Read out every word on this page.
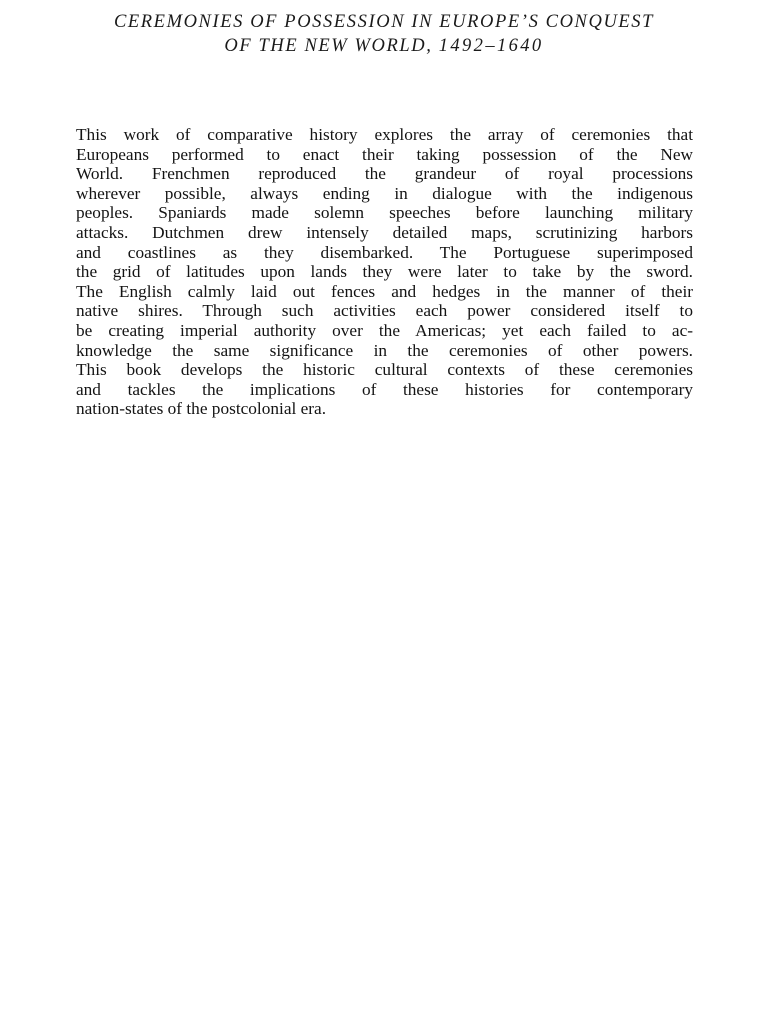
CEREMONIES OF POSSESSION IN EUROPE’S CONQUEST
OF THE NEW WORLD, 1492–1640
This work of comparative history explores the array of ceremonies that
Europeans performed to enact their taking possession of the New
World. Frenchmen reproduced the grandeur of royal processions
wherever possible, always ending in dialogue with the indigenous
peoples. Spaniards made solemn speeches before launching military
attacks. Dutchmen drew intensely detailed maps, scrutinizing harbors
and coastlines as they disembarked. The Portuguese superimposed
the grid of latitudes upon lands they were later to take by the sword.
The English calmly laid out fences and hedges in the manner of their
native shires. Through such activities each power considered itself to
be creating imperial authority over the Americas; yet each failed to ac-
knowledge the same significance in the ceremonies of other powers.
This book develops the historic cultural contexts of these ceremonies
and tackles the implications of these histories for contemporary
nation-states of the postcolonial era.
